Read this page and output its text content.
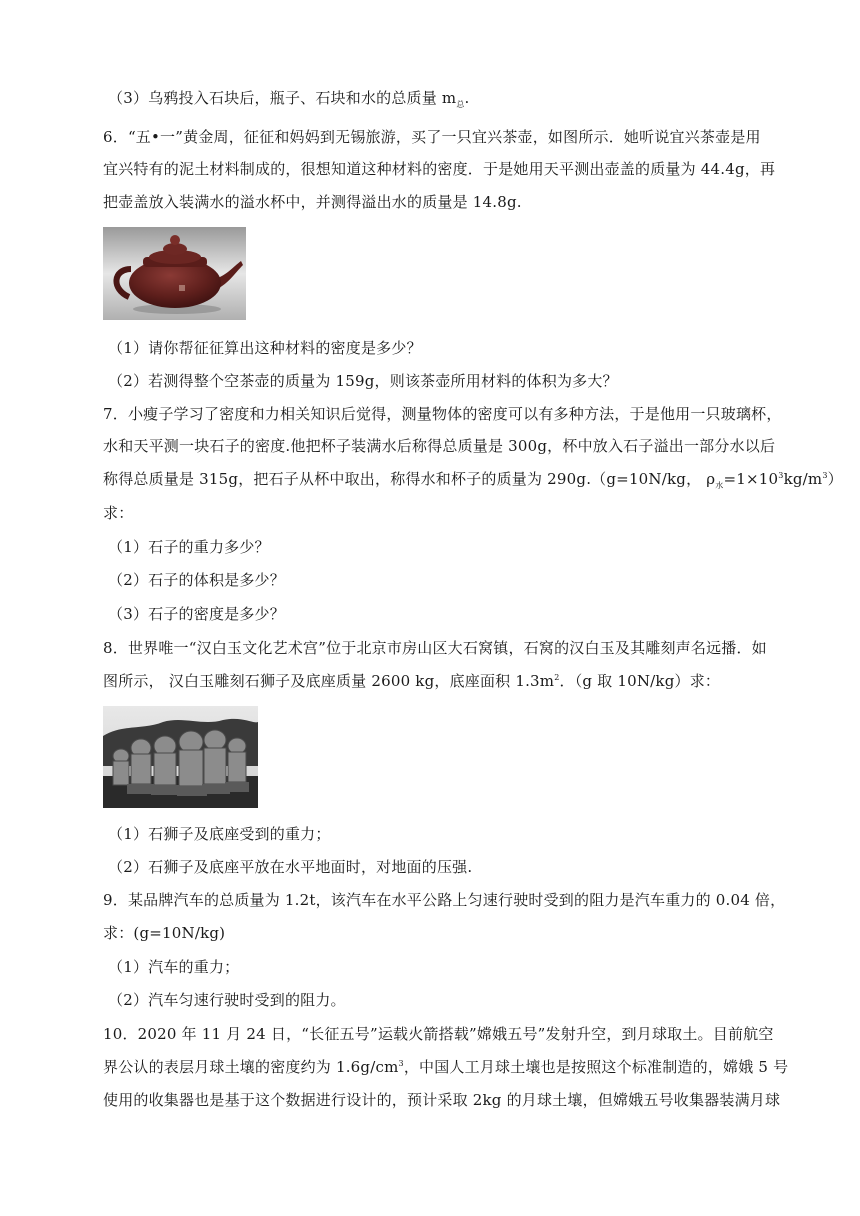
（3）乌鸦投入石块后，瓶子、石块和水的总质量 $m_总$.
6．“五•一”黄金周，征征和妈妈到无锡旅游，买了一只宜兴茶壶，如图所示．她听说宜兴茶壶是用
宜兴特有的泥土材料制成的，很想知道这种材料的密度．于是她用天平测出壶盖的质量为 44.4g，再
把壶盖放入装满水的溢水杯中，并测得溢出水的质量是 14.8g.
（1）请你帮征征算出这种材料的密度是多少？
（2）若测得整个空茶壶的质量为 159g，则该茶壶所用材料的体积为多大？
7．小瘦子学习了密度和力相关知识后觉得，测量物体的密度可以有多种方法，于是他用一只玻璃杯，
水和天平测一块石子的密度.他把杯子装满水后称得总质量是 300g，杯中放入石子溢出一部分水以后
称得总质量是 315g，把石子从杯中取出，称得水和杯子的质量为 290g.（g=10N/kg， $\rho_水=1\times 10^3kg/m^3$）
求：
（1）石子的重力多少？
（2）石子的体积是多少？
（3）石子的密度是多少？
8．世界唯一“汉白玉文化艺术宫”位于北京市房山区大石窝镇，石窝的汉白玉及其雕刻声名远播．如
图所示， 汉白玉雕刻石狮子及底座质量 2600 kg，底座面积 $1.3m^2$．（g 取 10N/kg）求：
（1）石狮子及底座受到的重力；
（2）石狮子及底座平放在水平地面时，对地面的压强.
9．某品牌汽车的总质量为 1.2t，该汽车在水平公路上匀速行驶时受到的阻力是汽车重力的 0.04 倍，
求：(g=10N/kg)
（1）汽车的重力；
（2）汽车匀速行驶时受到的阻力。
10．2020 年 11 月 24 日，“长征五号”运载火箭搭载”嫦娥五号”发射升空，到月球取土。目前航空
界公认的表层月球土壤的密度约为 $1.6g/cm^3$，中国人工月球土壤也是按照这个标准制造的，嫦娥 5 号
使用的收集器也是基于这个数据进行设计的，预计采取 2kg 的月球土壤，但嫦娥五号收集器装满月球
